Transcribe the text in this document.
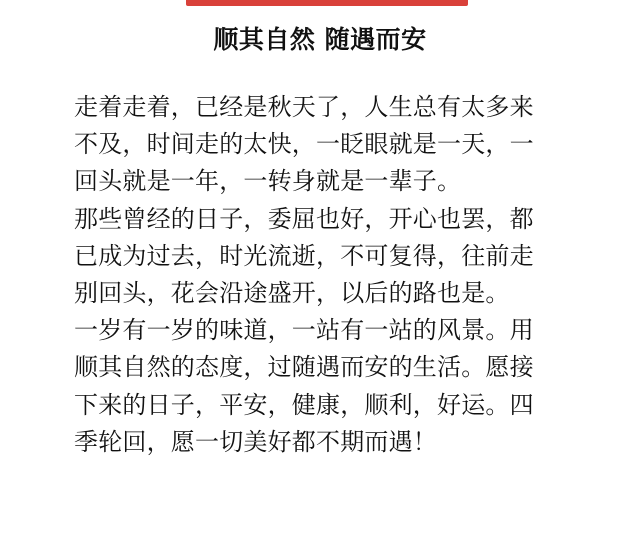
顺其自然 随遇而安
走着走着，已经是秋天了，人生总有太多来
不及，时间走的太快，一眨眼就是一天，一
回头就是一年，一转身就是一辈子。
那些曾经的日子，委屈也好，开心也罢，都
已成为过去，时光流逝，不可复得，往前走
别回头，花会沿途盛开，以后的路也是。
一岁有一岁的味道，一站有一站的风景。用
顺其自然的态度，过随遇而安的生活。愿接
下来的日子，平安，健康，顺利，好运。四
季轮回，愿一切美好都不期而遇！
